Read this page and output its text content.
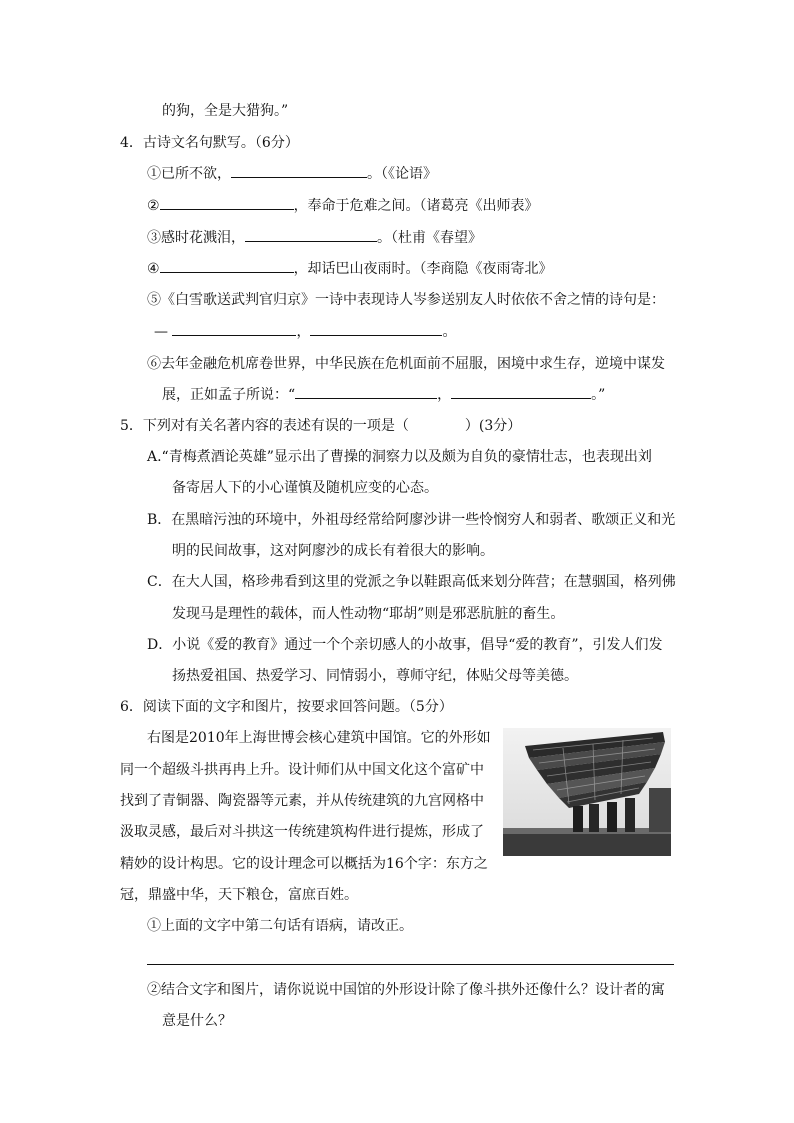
的狗，全是大猎狗。”
4．古诗文名句默写。（6分）
①已所不欲，	。（《论语》
②	，奉命于危难之间。（诸葛亮《出师表》
③感时花溅泪，	。（杜甫《春望》
④	，却话巴山夜雨时。（李商隐《夜雨寄北》
⑤《白雪歌送武判官归京》一诗中表现诗人岑参送别友人时依依不舍之情的诗句是：
—	，	。
⑥去年金融危机席卷世界，中华民族在危机面前不屈服，困境中求生存，逆境中谋发
展，正如孟子所说：“	，	。”
5．下列对有关名著内容的表述有误的一项是（	）(3分）
A.“青梅煮酒论英雄”显示出了曹操的洞察力以及颇为自负的豪情壮志，也表现出刘
备寄居人下的小心谨慎及随机应变的心态。
B．在黑暗污浊的环境中，外祖母经常给阿廖沙讲一些怜悯穷人和弱者、歌颂正义和光
明的民间故事，这对阿廖沙的成长有着很大的影响。
C．在大人国，格珍弗看到这里的党派之争以鞋跟高低来划分阵营；在慧骃国，格列佛
发现马是理性的载体，而人性动物“耶胡”则是邪恶肮脏的畜生。
D．小说《爱的教育》通过一个个亲切感人的小故事，倡导“爱的教育”，引发人们发
扬热爱祖国、热爱学习、同情弱小，尊师守纪，体贴父母等美德。
6．阅读下面的文字和图片，按要求回答问题。（5分）
右图是2010年上海世博会核心建筑中国馆。它的外形如
同一个超级斗拱再冉上升。设计师们从中国文化这个富矿中
找到了青铜器、陶瓷器等元素，并从传统建筑的九宫网格中
汲取灵感，最后对斗拱这一传统建筑构件进行提炼，形成了
精妙的设计构思。它的设计理念可以概括为16个字：东方之
冠，鼎盛中华，天下粮仓，富庶百姓。
①上面的文字中第二句话有语病，请改正。
②结合文字和图片，请你说说中国馆的外形设计除了像斗拱外还像什么？设计者的寓
意是什么？
